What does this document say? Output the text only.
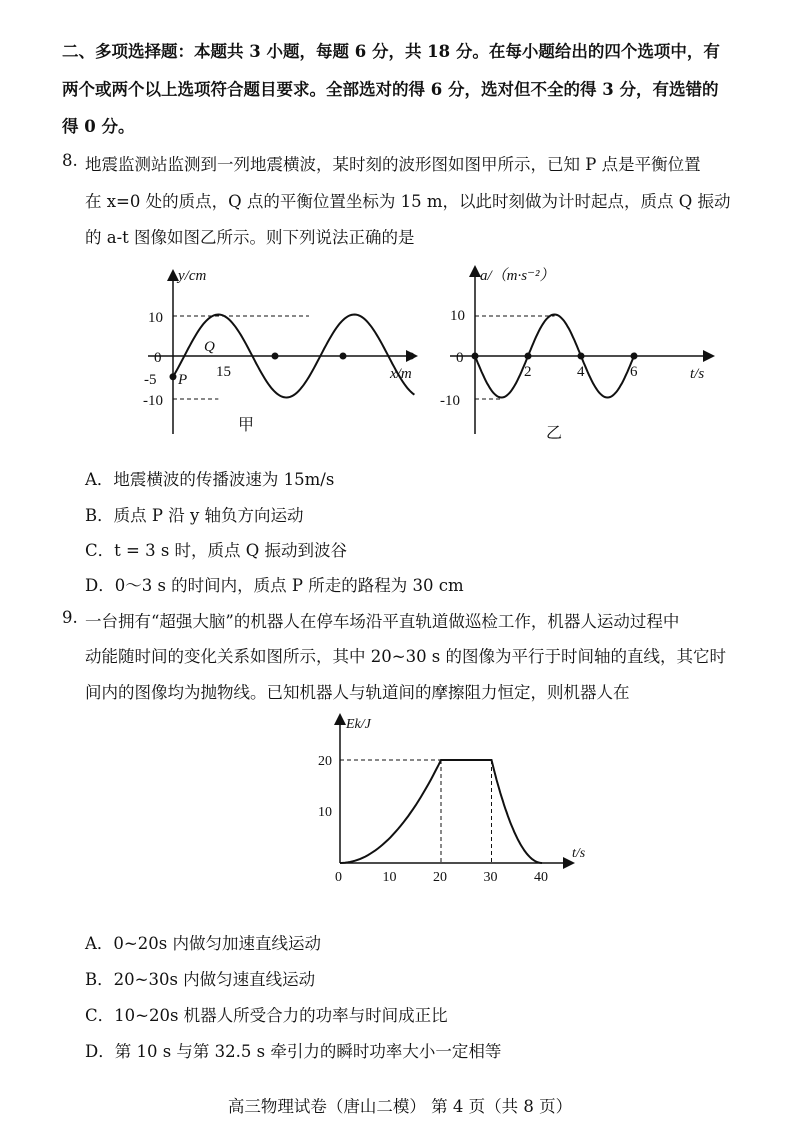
二、多项选择题：本题共 3 小题，每题 6 分，共 18 分。在每小题给出的四个选项中，有
两个或两个以上选项符合题目要求。全部选对的得 6 分，选对但不全的得 3 分，有选错的
得 0 分。
8. 地震监测站监测到一列地震横波，某时刻的波形图如图甲所示，已知 P 点是平衡位置
在 x=0 处的质点，Q 点的平衡位置坐标为 15 m，以此时刻做为计时起点，质点 Q 振动
的 a-t 图像如图乙所示。则下列说法正确的是
y/cm
x/m
10
0
-5
-10
P
Q
15
甲
a/（m·s⁻²）
t/s
10
0
-10
2	4	6
乙
A．地震横波的传播波速为 15m/s
B．质点 P 沿 y 轴负方向运动
C．t = 3 s 时，质点 Q 振动到波谷
D．0～3 s 的时间内，质点 P 所走的路程为 30 cm
9. 一台拥有“超强大脑”的机器人在停车场沿平直轨道做巡检工作，机器人运动过程中
动能随时间的变化关系如图所示，其中 20~30 s 的图像为平行于时间轴的直线，其它时
间内的图像均为抛物线。已知机器人与轨道间的摩擦阻力恒定，则机器人在
Ek/J
t/s
20
10
0	10	20	30	40
A．0~20s 内做匀加速直线运动
B．20~30s 内做匀速直线运动
C．10~20s 机器人所受合力的功率与时间成正比
D．第 10 s 与第 32.5 s 牵引力的瞬时功率大小一定相等
高三物理试卷（唐山二模） 第 4 页（共 8 页）
